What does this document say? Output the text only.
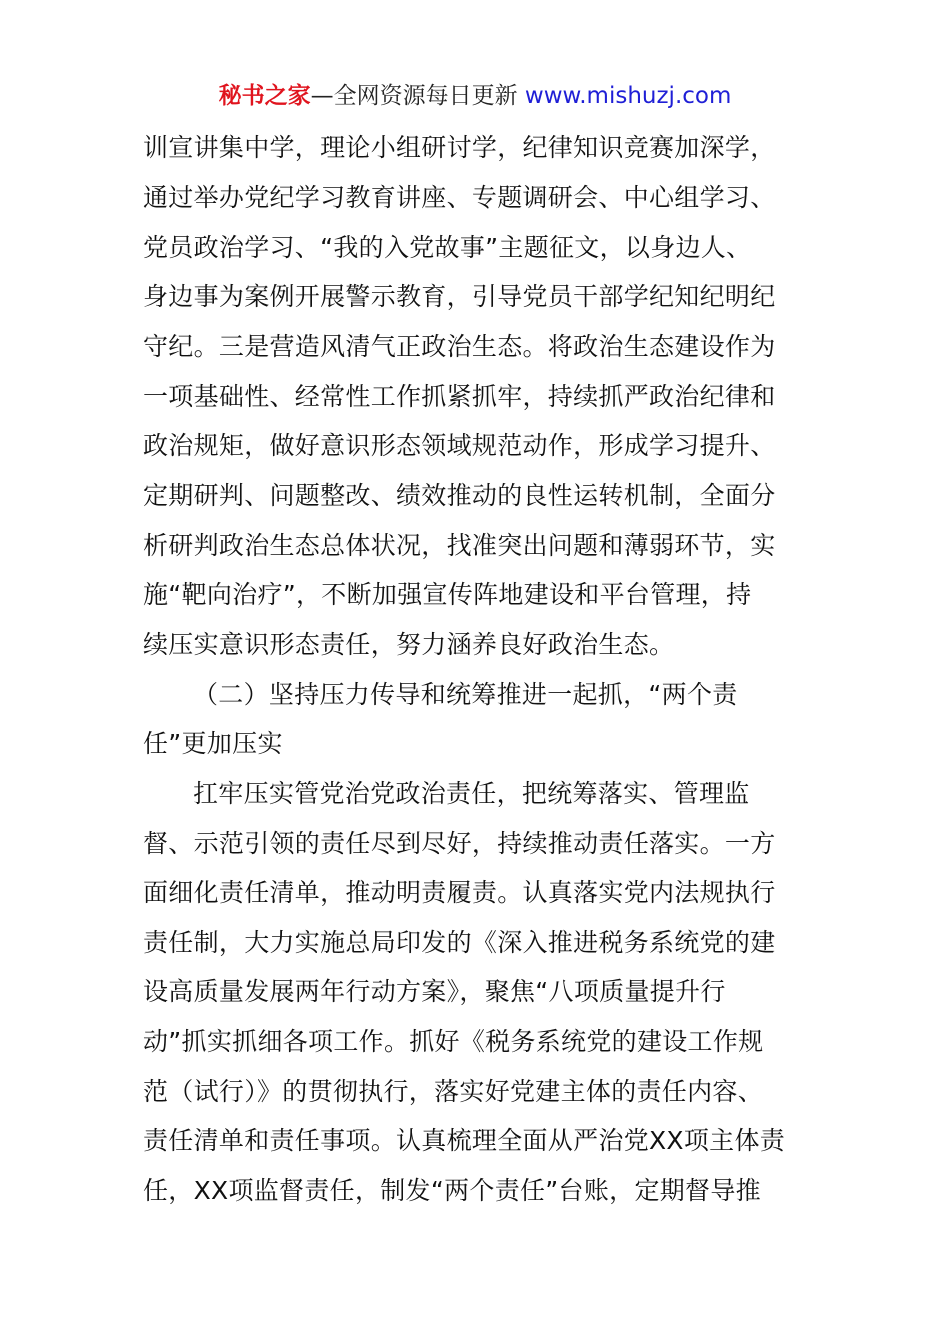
秘书之家—全网资源每日更新 www.mishuzj.com
训宣讲集中学，理论小组研讨学，纪律知识竞赛加深学，
通过举办党纪学习教育讲座、专题调研会、中心组学习、
党员政治学习、“我的入党故事”主题征文，以身边人、
身边事为案例开展警示教育，引导党员干部学纪知纪明纪
守纪。三是营造风清气正政治生态。将政治生态建设作为
一项基础性、经常性工作抓紧抓牢，持续抓严政治纪律和
政治规矩，做好意识形态领域规范动作，形成学习提升、
定期研判、问题整改、绩效推动的良性运转机制，全面分
析研判政治生态总体状况，找准突出问题和薄弱环节，实
施“靶向治疗”，不断加强宣传阵地建设和平台管理，持
续压实意识形态责任，努力涵养良好政治生态。
（二）坚持压力传导和统筹推进一起抓，“两个责
任”更加压实
扛牢压实管党治党政治责任，把统筹落实、管理监
督、示范引领的责任尽到尽好，持续推动责任落实。一方
面细化责任清单，推动明责履责。认真落实党内法规执行
责任制，大力实施总局印发的《深入推进税务系统党的建
设高质量发展两年行动方案》，聚焦“八项质量提升行
动”抓实抓细各项工作。抓好《税务系统党的建设工作规
范（试行）》的贯彻执行，落实好党建主体的责任内容、
责任清单和责任事项。认真梳理全面从严治党XX项主体责
任，XX项监督责任，制发“两个责任”台账，定期督导推
